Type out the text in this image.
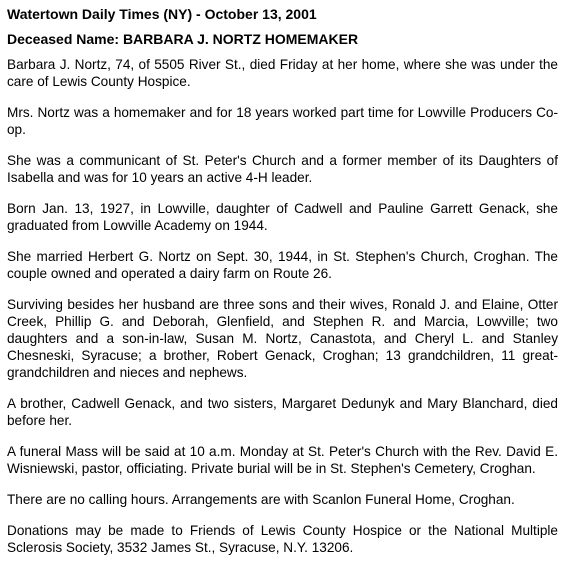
Watertown Daily Times (NY) - October 13, 2001
Deceased Name: BARBARA J. NORTZ HOMEMAKER

Barbara J. Nortz, 74, of 5505 River St., died Friday at her home, where she was under the care of Lewis County Hospice.

Mrs. Nortz was a homemaker and for 18 years worked part time for Lowville Producers Co-op.

She was a communicant of St. Peter's Church and a former member of its Daughters of Isabella and was for 10 years an active 4-H leader.

Born Jan. 13, 1927, in Lowville, daughter of Cadwell and Pauline Garrett Genack, she graduated from Lowville Academy on 1944.

She married Herbert G. Nortz on Sept. 30, 1944, in St. Stephen's Church, Croghan. The couple owned and operated a dairy farm on Route 26.

Surviving besides her husband are three sons and their wives, Ronald J. and Elaine, Otter Creek, Phillip G. and Deborah, Glenfield, and Stephen R. and Marcia, Lowville; two daughters and a son-in-law, Susan M. Nortz, Canastota, and Cheryl L. and Stanley Chesneski, Syracuse; a brother, Robert Genack, Croghan; 13 grandchildren, 11 great-grandchildren and nieces and nephews.

A brother, Cadwell Genack, and two sisters, Margaret Dedunyk and Mary Blanchard, died before her.

A funeral Mass will be said at 10 a.m. Monday at St. Peter's Church with the Rev. David E. Wisniewski, pastor, officiating. Private burial will be in St. Stephen's Cemetery, Croghan.

There are no calling hours. Arrangements are with Scanlon Funeral Home, Croghan.

Donations may be made to Friends of Lewis County Hospice or the National Multiple Sclerosis Society, 3532 James St., Syracuse, N.Y. 13206.
